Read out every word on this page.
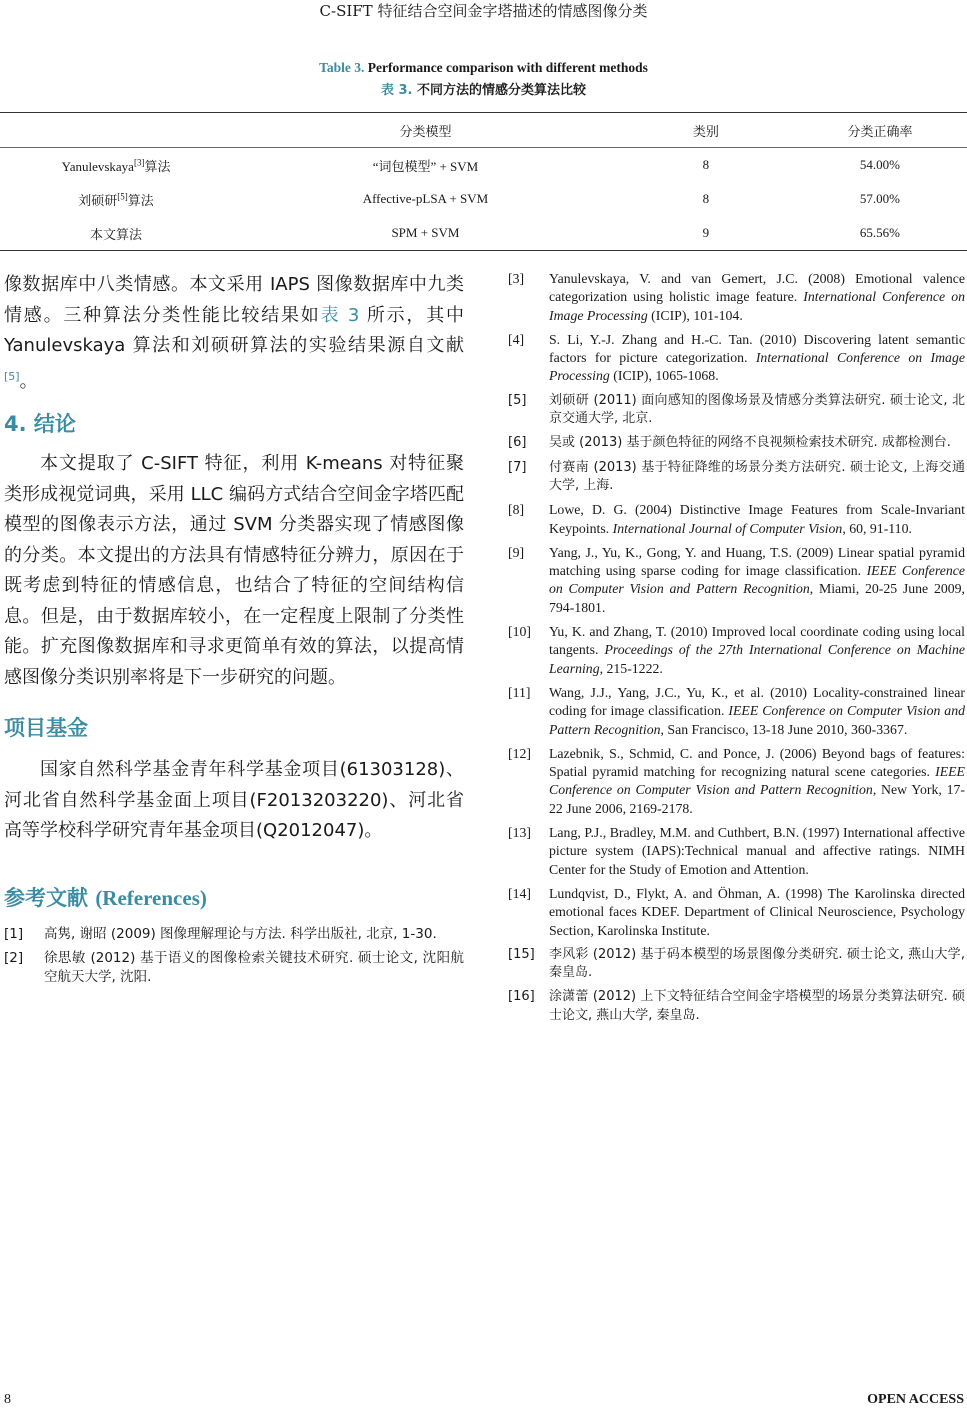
C-SIFT 特征结合空间金字塔描述的情感图像分类
Table 3. Performance comparison with different methods
表 3. 不同方法的情感分类算法比较
	分类模型	类别	分类正确率
Yanulevskaya[3]算法	“词包模型” + SVM	8	54.00%
刘硕研[5]算法	Affective-pLSA + SVM	8	57.00%
本文算法	SPM + SVM	9	65.56%

像数据库中八类情感。本文采用 IAPS 图像数据库中九类情感。三种算法分类性能比较结果如表 3 所示，其中 Yanulevskaya 算法和刘硕研算法的实验结果源自文献[5]。

4. 结论

本文提取了 C-SIFT 特征，利用 K-means 对特征聚类形成视觉词典，采用 LLC 编码方式结合空间金字塔匹配模型的图像表示方法，通过 SVM 分类器实现了情感图像的分类。本文提出的方法具有情感特征分辨力，原因在于既考虑到特征的情感信息，也结合了特征的空间结构信息。但是，由于数据库较小，在一定程度上限制了分类性能。扩充图像数据库和寻求更简单有效的算法，以提高情感图像分类识别率将是下一步研究的问题。

项目基金

国家自然科学基金青年科学基金项目(61303128)、河北省自然科学基金面上项目(F2013203220)、河北省高等学校科学研究青年基金项目(Q2012047)。

参考文献 (References)
[1] 高隽, 谢昭 (2009) 图像理解理论与方法. 科学出版社, 北京, 1-30.
[2] 徐思敏 (2012) 基于语义的图像检索关键技术研究. 硕士论文, 沈阳航空航天大学, 沈阳.
[3] Yanulevskaya, V. and van Gemert, J.C. (2008) Emotional valence categorization using holistic image feature. International Conference on Image Processing (ICIP), 101-104.
[4] S. Li, Y.-J. Zhang and H.-C. Tan. (2010) Discovering latent semantic factors for picture categorization. International Conference on Image Processing (ICIP), 1065-1068.
[5] 刘硕研 (2011) 面向感知的图像场景及情感分类算法研究. 硕士论文, 北京交通大学, 北京.
[6] 吴或 (2013) 基于颜色特征的网络不良视频检索技术研究. 成都检测台.
[7] 付赛南 (2013) 基于特征降维的场景分类方法研究. 硕士论文, 上海交通大学, 上海.
[8] Lowe, D. G. (2004) Distinctive Image Features from Scale-Invariant Keypoints. International Journal of Computer Vision, 60, 91-110.
[9] Yang, J., Yu, K., Gong, Y. and Huang, T.S. (2009) Linear spatial pyramid matching using sparse coding for image classification. IEEE Conference on Computer Vision and Pattern Recognition, Miami, 20-25 June 2009, 794-1801.
[10] Yu, K. and Zhang, T. (2010) Improved local coordinate coding using local tangents. Proceedings of the 27th International Conference on Machine Learning, 215-1222.
[11] Wang, J.J., Yang, J.C., Yu, K., et al. (2010) Locality-constrained linear coding for image classification. IEEE Conference on Computer Vision and Pattern Recognition, San Francisco, 13-18 June 2010, 360-3367.
[12] Lazebnik, S., Schmid, C. and Ponce, J. (2006) Beyond bags of features: Spatial pyramid matching for recognizing natural scene categories. IEEE Conference on Computer Vision and Pattern Recognition, New York, 17-22 June 2006, 2169-2178.
[13] Lang, P.J., Bradley, M.M. and Cuthbert, B.N. (1997) International affective picture system (IAPS):Technical manual and affective ratings. NIMH Center for the Study of Emotion and Attention.
[14] Lundqvist, D., Flykt, A. and Öhman, A. (1998) The Karolinska directed emotional faces KDEF. Department of Clinical Neuroscience, Psychology Section, Karolinska Institute.
[15] 李风彩 (2012) 基于码本模型的场景图像分类研究. 硕士论文, 燕山大学, 秦皇岛.
[16] 涂潇蕾 (2012) 上下文特征结合空间金字塔模型的场景分类算法研究. 硕士论文, 燕山大学, 秦皇岛.
8	OPEN ACCESS
